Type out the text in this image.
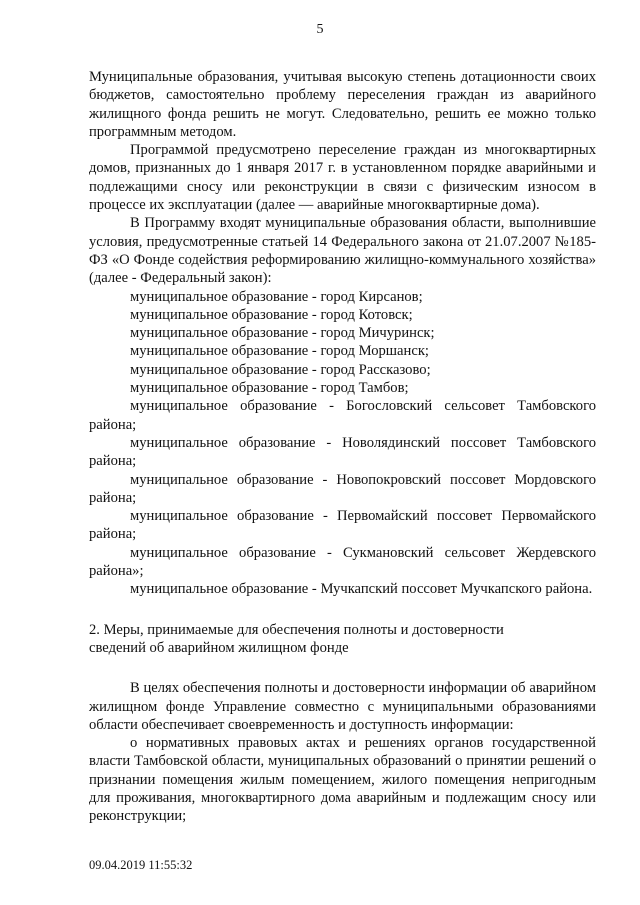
5

Муниципальные образования, учитывая высокую степень дотационности своих бюджетов, самостоятельно проблему переселения граждан из аварийного жилищного фонда решить не могут. Следовательно, решить ее можно только программным методом.

Программой предусмотрено переселение граждан из многоквартирных домов, признанных до 1 января 2017 г. в установленном порядке аварийными и подлежащими сносу или реконструкции в связи с физическим износом в процессе их эксплуатации (далее — аварийные многоквартирные дома).

В Программу входят муниципальные образования области, выполнившие условия, предусмотренные статьей 14 Федерального закона от 21.07.2007 №185-ФЗ «О Фонде содействия реформированию жилищно-коммунального хозяйства» (далее - Федеральный закон):

муниципальное образование - город Кирсанов;

муниципальное образование - город Котовск;

муниципальное образование - город Мичуринск;

муниципальное образование - город Моршанск;

муниципальное образование - город Рассказово;

муниципальное образование - город Тамбов;

муниципальное образование - Богословский сельсовет Тамбовского района;

муниципальное образование - Новолядинский поссовет Тамбовского района;

муниципальное образование - Новопокровский поссовет Мордовского района;

муниципальное образование - Первомайский поссовет Первомайского района;

муниципальное образование - Сукмановский сельсовет Жердевского района»;

муниципальное образование - Мучкапский поссовет Мучкапского района.

2. Меры, принимаемые для обеспечения полноты и достоверности
сведений об аварийном жилищном фонде

В целях обеспечения полноты и достоверности информации об аварийном жилищном фонде Управление совместно с муниципальными образованиями области обеспечивает своевременность и доступность информации:

о нормативных правовых актах и решениях органов государственной власти Тамбовской области, муниципальных образований о принятии решений о признании помещения жилым помещением, жилого помещения непригодным для проживания, многоквартирного дома аварийным и подлежащим сносу или реконструкции;

09.04.2019 11:55:32
